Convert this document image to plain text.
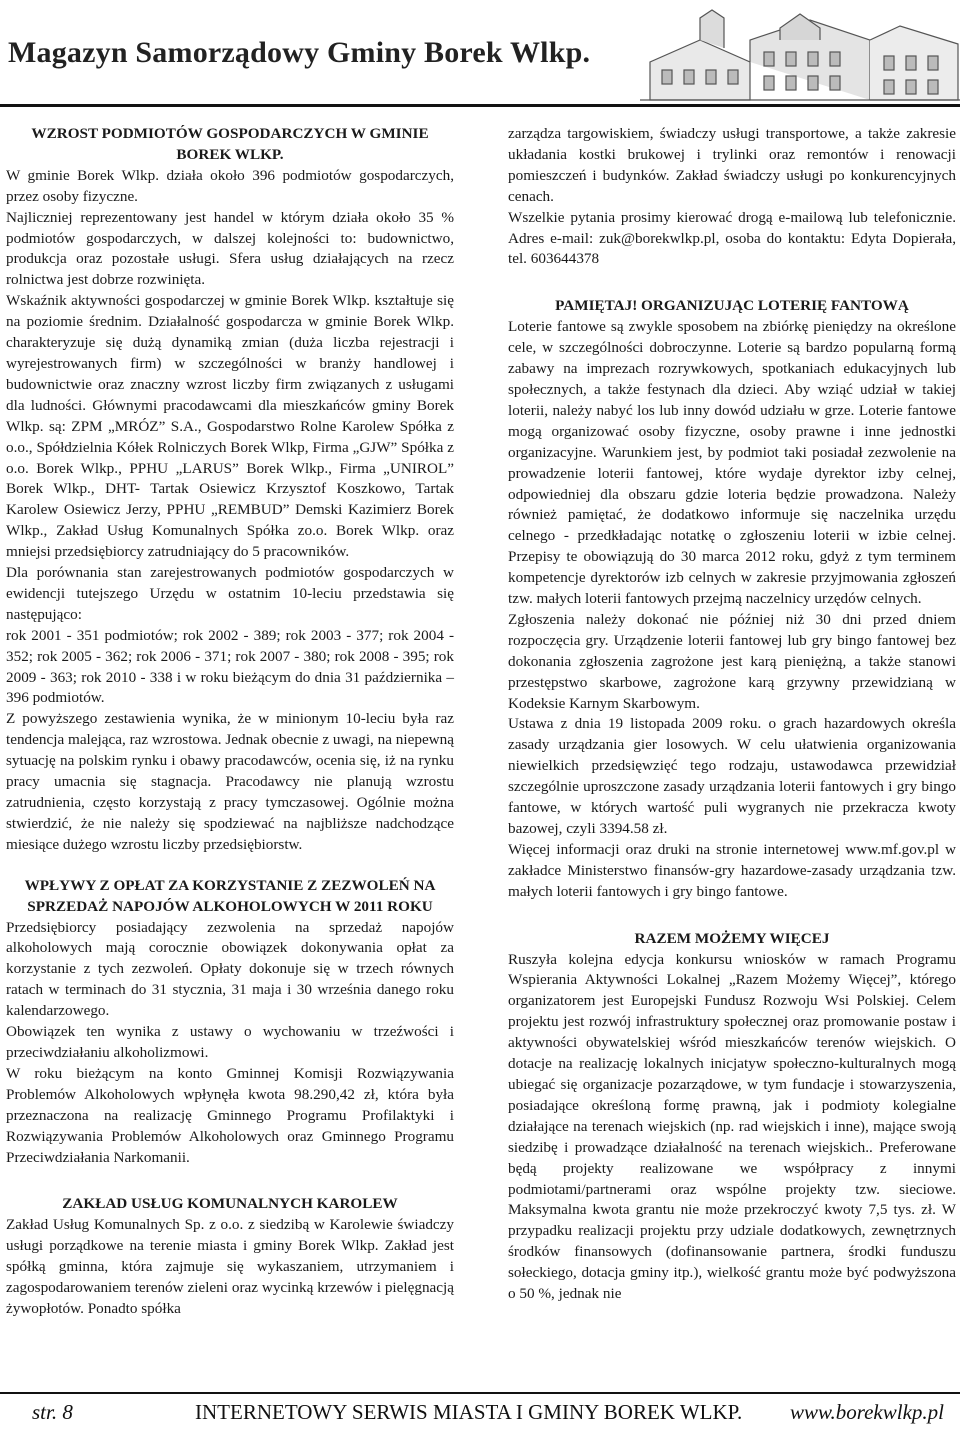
Magazyn Samorządowy Gminy Borek Wlkp.
WZROST PODMIOTÓW GOSPODARCZYCH W GMINIE BOREK WLKP.

W gminie Borek Wlkp. działa około 396 podmiotów gospodarczych, przez osoby fizyczne.

Najliczniej reprezentowany jest handel w którym działa około 35 % podmiotów gospodarczych, w dalszej kolejności to: budownictwo, produkcja oraz pozostałe usługi. Sfera usług działających na rzecz rolnictwa jest dobrze rozwinięta.

Wskaźnik aktywności gospodarczej w gminie Borek Wlkp. kształtuje się na poziomie średnim. Działalność gospodarcza w gminie Borek Wlkp. charakteryzuje się dużą dynamiką zmian (duża liczba rejestracji i wyrejestrowanych firm) w szczególności w branży handlowej i budownictwie oraz znaczny wzrost liczby firm związanych z usługami dla ludności. Głównymi pracodawcami dla mieszkańców gminy Borek Wlkp. są: ZPM „MRÓZ” S.A., Gospodarstwo Rolne Karolew Spółka z o.o., Spółdzielnia Kółek Rolniczych Borek Wlkp, Firma „GJW” Spółka z o.o. Borek Wlkp., PPHU „LARUS” Borek Wlkp., Firma „UNIROL” Borek Wlkp., DHT- Tartak Osiewicz Krzysztof Koszkowo, Tartak Karolew Osiewicz Jerzy, PPHU „REMBUD” Demski Kazimierz Borek Wlkp., Zakład Usług Komunalnych Spółka zo.o. Borek Wlkp. oraz mniejsi przedsiębiorcy zatrudniający do 5 pracowników.

Dla porównania stan zarejestrowanych podmiotów gospodarczych w ewidencji tutejszego Urzędu w ostatnim 10-leciu przedstawia się następująco:

rok 2001 - 351 podmiotów; rok 2002 - 389; rok 2003 - 377; rok 2004 - 352; rok 2005 - 362; rok 2006 - 371; rok 2007 - 380; rok 2008 - 395; rok 2009 - 363; rok 2010 - 338 i w roku bieżącym do dnia 31 października – 396 podmiotów.

Z powyższego zestawienia wynika, że w minionym 10-leciu była raz tendencja malejąca, raz wzrostowa. Jednak obecnie z uwagi, na niepewną sytuację na polskim rynku i obawy pracodawców, ocenia się, iż na rynku pracy umacnia się stagnacja. Pracodawcy nie planują wzrostu zatrudnienia, często korzystają z pracy tymczasowej. Ogólnie można stwierdzić, że nie należy się spodziewać na najbliższe nadchodzące miesiące dużego wzrostu liczby przedsiębiorstw.

WPŁYWY Z OPŁAT ZA KORZYSTANIE Z ZEZWOLEŃ NA SPRZEDAŻ NAPOJÓW ALKOHOLOWYCH W 2011 ROKU

Przedsiębiorcy posiadający zezwolenia na sprzedaż napojów alkoholowych mają corocznie obowiązek dokonywania opłat za korzystanie z tych zezwoleń. Opłaty dokonuje się w trzech równych ratach w terminach do 31 stycznia, 31 maja i 30 września danego roku kalendarzowego.

Obowiązek ten wynika z ustawy o wychowaniu w trzeźwości i przeciwdziałaniu alkoholizmowi.

W roku bieżącym na konto Gminnej Komisji Rozwiązywania Problemów Alkoholowych wpłynęła kwota 98.290,42 zł, która była przeznaczona na realizację Gminnego Programu Profilaktyki i Rozwiązywania Problemów Alkoholowych oraz Gminnego Programu Przeciwdziałania Narkomanii.

ZAKŁAD USŁUG KOMUNALNYCH KAROLEW

Zakład Usług Komunalnych Sp. z o.o. z siedzibą w Karolewie świadczy usługi porządkowe na terenie miasta i gminy Borek Wlkp. Zakład jest spółką gminna, która zajmuje się wykaszaniem, utrzymaniem i zagospodarowaniem terenów zieleni oraz wycinką krzewów i pielęgnacją żywopłotów. Ponadto spółka

zarządza targowiskiem, świadczy usługi transportowe, a także zakresie układania kostki brukowej i trylinki oraz remontów i renowacji pomieszczeń i budynków. Zakład świadczy usługi po konkurencyjnych cenach.

Wszelkie pytania prosimy kierować drogą e-mailową lub telefonicznie. Adres e-mail: zuk@borekwlkp.pl, osoba do kontaktu: Edyta Dopierała, tel. 603644378

PAMIĘTAJ! ORGANIZUJĄC LOTERIĘ FANTOWĄ

Loterie fantowe są zwykle sposobem na zbiórkę pieniędzy na określone cele, w szczególności dobroczynne. Loterie są bardzo popularną formą zabawy na imprezach rozrywkowych, spotkaniach edukacyjnych lub społecznych, a także festynach dla dzieci. Aby wziąć udział w takiej loterii, należy nabyć los lub inny dowód udziału w grze. Loterie fantowe mogą organizować osoby fizyczne, osoby prawne i inne jednostki organizacyjne. Warunkiem jest, by podmiot taki posiadał zezwolenie na prowadzenie loterii fantowej, które wydaje dyrektor izby celnej, odpowiedniej dla obszaru gdzie loteria będzie prowadzona. Należy również pamiętać, że dodatkowo informuje się naczelnika urzędu celnego - przedkładając notatkę o zgłoszeniu loterii w izbie celnej. Przepisy te obowiązują do 30 marca 2012 roku, gdyż z tym terminem kompetencje dyrektorów izb celnych w zakresie przyjmowania zgłoszeń tzw. małych loterii fantowych przejmą naczelnicy urzędów celnych.

Zgłoszenia należy dokonać nie później niż 30 dni przed dniem rozpoczęcia gry. Urządzenie loterii fantowej lub gry bingo fantowej bez dokonania zgłoszenia zagrożone jest karą pieniężną, a także stanowi przestępstwo skarbowe, zagrożone karą grzywny przewidzianą w Kodeksie Karnym Skarbowym.

Ustawa z dnia 19 listopada 2009 roku. o grach hazardowych określa zasady urządzania gier losowych. W celu ułatwienia organizowania niewielkich przedsięwzięć tego rodzaju, ustawodawca przewidział szczególnie uproszczone zasady urządzania loterii fantowych i gry bingo fantowe, w których wartość puli wygranych nie przekracza kwoty bazowej, czyli 3394.58 zł.

Więcej informacji oraz druki na stronie internetowej www.mf.gov.pl w zakładce Ministerstwo finansów-gry hazardowe-zasady urządzania tzw. małych loterii fantowych i gry bingo fantowe.

RAZEM MOŻEMY WIĘCEJ

Ruszyła kolejna edycja konkursu wniosków w ramach Programu Wspierania Aktywności Lokalnej „Razem Możemy Więcej”, którego organizatorem jest Europejski Fundusz Rozwoju Wsi Polskiej. Celem projektu jest rozwój infrastruktury społecznej oraz promowanie postaw i aktywności obywatelskiej wśród mieszkańców terenów wiejskich. O dotacje na realizację lokalnych inicjatyw społeczno-kulturalnych mogą ubiegać się organizacje pozarządowe, w tym fundacje i stowarzyszenia, posiadające określoną formę prawną, jak i podmioty kolegialne działające na terenach wiejskich (np. rad wiejskich i inne), mające swoją siedzibę i prowadzące działalność na terenach wiejskich.. Preferowane będą projekty realizowane we współpracy z innymi podmiotami/partnerami oraz wspólne projekty tzw. sieciowe. Maksymalna kwota grantu nie może przekroczyć kwoty 7,5 tys. zł. W przypadku realizacji projektu przy udziale dodatkowych, zewnętrznych środków finansowych (dofinansowanie partnera, środki funduszu sołeckiego, dotacja gminy itp.), wielkość grantu może być podwyższona o 50 %, jednak nie

str. 8	INTERNETOWY SERWIS MIASTA I GMINY BOREK WLKP. www.borekwlkp.pl
